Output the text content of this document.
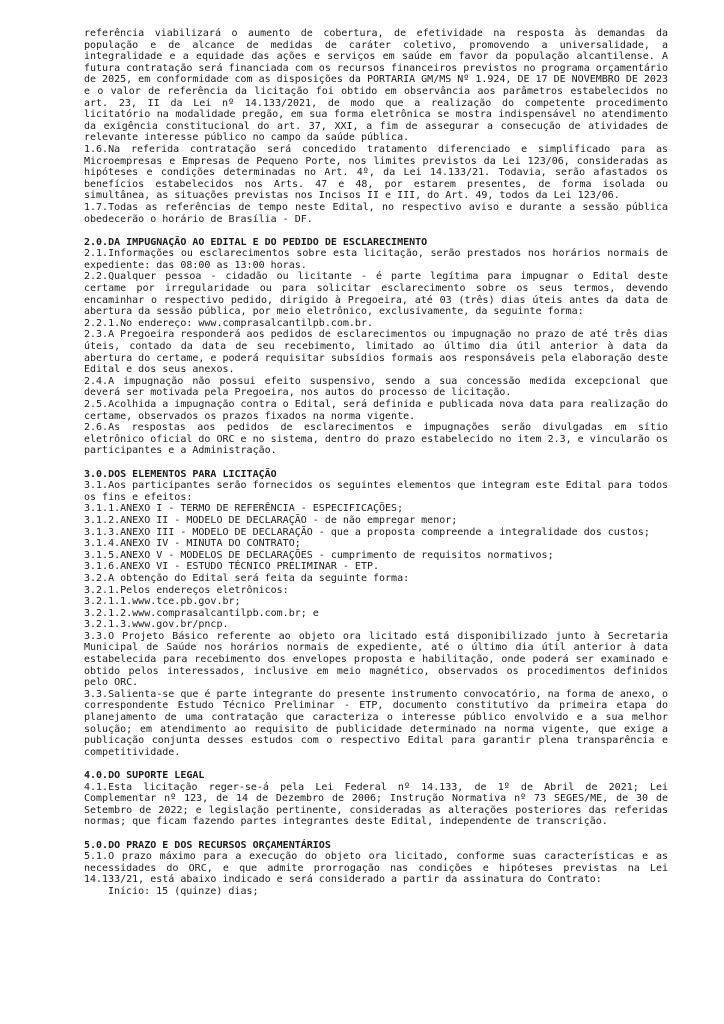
referência viabilizará o aumento de cobertura, de efetividade na resposta às demandas da população e de alcance de medidas de caráter coletivo, promovendo a universalidade, a integralidade e a equidade das ações e serviços em saúde em favor da população alcantilense. A futura contratação será financiada com os recursos financeiros previstos no programa orçamentário de 2025, em conformidade com as disposições da PORTARIA GM/MS Nº 1.924, DE 17 DE NOVEMBRO DE 2023 e o valor de referência da licitação foi obtido em observância aos parâmetros estabelecidos no art. 23, II da Lei nº 14.133/2021, de modo que a realização do competente procedimento licitatório na modalidade pregão, em sua forma eletrônica se mostra indispensável no atendimento da exigência constitucional do art. 37, XXI, a fim de assegurar a consecução de atividades de relevante interesse público no campo da saúde pública.

1.6.Na referida contratação será concedido tratamento diferenciado e simplificado para as Microempresas e Empresas de Pequeno Porte, nos limites previstos da Lei 123/06, consideradas as hipóteses e condições determinadas no Art. 4º, da Lei 14.133/21. Todavia, serão afastados os benefícios estabelecidos nos Arts. 47 e 48, por estarem presentes, de forma isolada ou simultânea, as situações previstas nos Incisos II e III, do Art. 49, todos da Lei 123/06.

1.7.Todas as referências de tempo neste Edital, no respectivo aviso e durante a sessão pública obedecerão o horário de Brasília - DF.

2.0.DA IMPUGNAÇÃO AO EDITAL E DO PEDIDO DE ESCLARECIMENTO

2.1.Informações ou esclarecimentos sobre esta licitação, serão prestados nos horários normais de expediente: das 08:00 as 13:00 horas.

2.2.Qualquer pessoa - cidadão ou licitante - é parte legítima para impugnar o Edital deste certame por irregularidade ou para solicitar esclarecimento sobre os seus termos, devendo encaminhar o respectivo pedido, dirigido à Pregoeira, até 03 (três) dias úteis antes da data de abertura da sessão pública, por meio eletrônico, exclusivamente, da seguinte forma:

2.2.1.No endereço: www.comprasalcantilpb.com.br.

2.3.A Pregoeira responderá aos pedidos de esclarecimentos ou impugnação no prazo de até três dias úteis, contado da data de seu recebimento, limitado ao último dia útil anterior à data da abertura do certame, e poderá requisitar subsídios formais aos responsáveis pela elaboração deste Edital e dos seus anexos.

2.4.A impugnação não possui efeito suspensivo, sendo a sua concessão medida excepcional que deverá ser motivada pela Pregoeira, nos autos do processo de licitação.

2.5.Acolhida a impugnação contra o Edital, será definida e publicada nova data para realização do certame, observados os prazos fixados na norma vigente.

2.6.As respostas aos pedidos de esclarecimentos e impugnações serão divulgadas em sítio eletrônico oficial do ORC e no sistema, dentro do prazo estabelecido no item 2.3, e vincularão os participantes e a Administração.

3.0.DOS ELEMENTOS PARA LICITAÇÃO

3.1.Aos participantes serão fornecidos os seguintes elementos que integram este Edital para todos os fins e efeitos:

3.1.1.ANEXO I - TERMO DE REFERÊNCIA - ESPECIFICAÇÕES;

3.1.2.ANEXO II - MODELO DE DECLARAÇÃO - de não empregar menor;

3.1.3.ANEXO III - MODELO DE DECLARAÇÃO - que a proposta compreende a integralidade dos custos;

3.1.4.ANEXO IV - MINUTA DO CONTRATO;

3.1.5.ANEXO V - MODELOS DE DECLARAÇÕES - cumprimento de requisitos normativos;

3.1.6.ANEXO VI - ESTUDO TÉCNICO PRELIMINAR - ETP.

3.2.A obtenção do Edital será feita da seguinte forma:

3.2.1.Pelos endereços eletrônicos:

3.2.1.1.www.tce.pb.gov.br;

3.2.1.2.www.comprasalcantilpb.com.br; e

3.2.1.3.www.gov.br/pncp.

3.3.O Projeto Básico referente ao objeto ora licitado está disponibilizado junto à Secretaria Municipal de Saúde nos horários normais de expediente, até o último dia útil anterior à data estabelecida para recebimento dos envelopes proposta e habilitação, onde poderá ser examinado e obtido pelos interessados, inclusive em meio magnético, observados os procedimentos definidos pelo ORC.

3.3.Salienta-se que é parte integrante do presente instrumento convocatório, na forma de anexo, o correspondente Estudo Técnico Preliminar - ETP, documento constitutivo da primeira etapa do planejamento de uma contratação que caracteriza o interesse público envolvido e a sua melhor solução; em atendimento ao requisito de publicidade determinado na norma vigente, que exige a publicação conjunta desses estudos com o respectivo Edital para garantir plena transparência e competitividade.

4.0.DO SUPORTE LEGAL

4.1.Esta licitação reger-se-á pela Lei Federal nº 14.133, de 1º de Abril de 2021; Lei Complementar nº 123, de 14 de Dezembro de 2006; Instrução Normativa nº 73 SEGES/ME, de 30 de Setembro de 2022; e legislação pertinente, consideradas as alterações posteriores das referidas normas; que ficam fazendo partes integrantes deste Edital, independente de transcrição.

5.0.DO PRAZO E DOS RECURSOS ORÇAMENTÁRIOS

5.1.O prazo máximo para a execução do objeto ora licitado, conforme suas características e as necessidades do ORC, e que admite prorrogação nas condições e hipóteses previstas na Lei 14.133/21, está abaixo indicado e será considerado a partir da assinatura do Contrato:

Início: 15 (quinze) dias;
